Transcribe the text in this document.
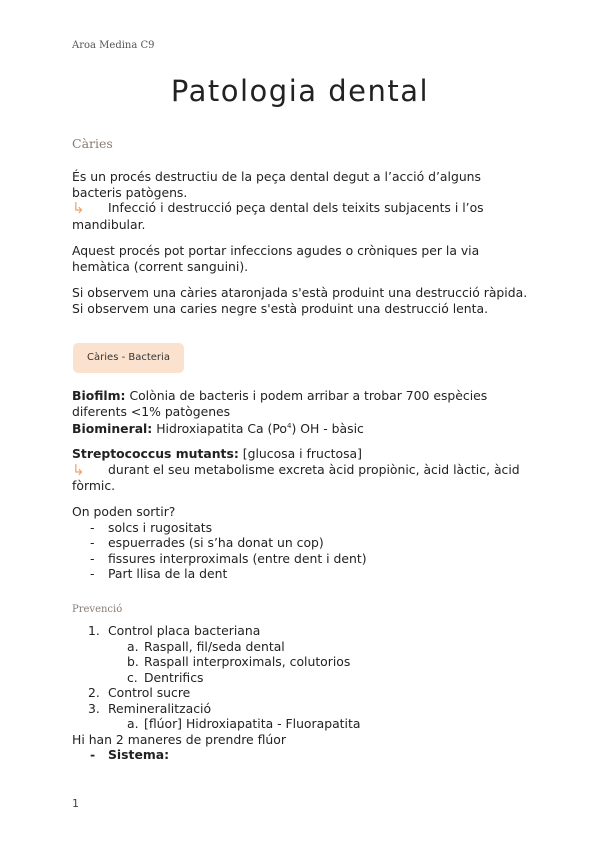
Aroa Medina C9
Patologia dental
Càries

És un procés destructiu de la peça dental degut a l’acció d’alguns bacteris patògens.

↳ Infecció i destrucció peça dental dels teixits subjacents i l’os mandibular.

Aquest procés pot portar infeccions agudes o cròniques per la via hemàtica (corrent sanguini).

Si observem una càries ataronjada s'està produint una destrucció ràpida.

Si observem una caries negre s'està produint una destrucció lenta.

Càries - Bacteria

Biofilm: Colònia de bacteris i podem arribar a trobar 700 espècies diferents <1% patògenes

Biomineral: Hidroxiapatita Ca (Po$^4$) OH - bàsic

Streptococcus mutants: [glucosa i fructosa]

↳ durant el seu metabolisme excreta àcid propiònic, àcid làctic, àcid fòrmic.

On poden sortir?

- solcs i rugositats
- espuerrades (si s’ha donat un cop)
- fissures interproximals (entre dent i dent)
- Part llisa de la dent
Prevenció
1. Control placa bacteriana
a. Raspall, fil/seda dental
b. Raspall interproximals, colutorios
c. Dentrifics
2. Control sucre
3. Remineralització
a. [flúor] Hidroxiapatita - Fluorapatita

Hi han 2 maneres de prendre flúor

- Sistema:
1
